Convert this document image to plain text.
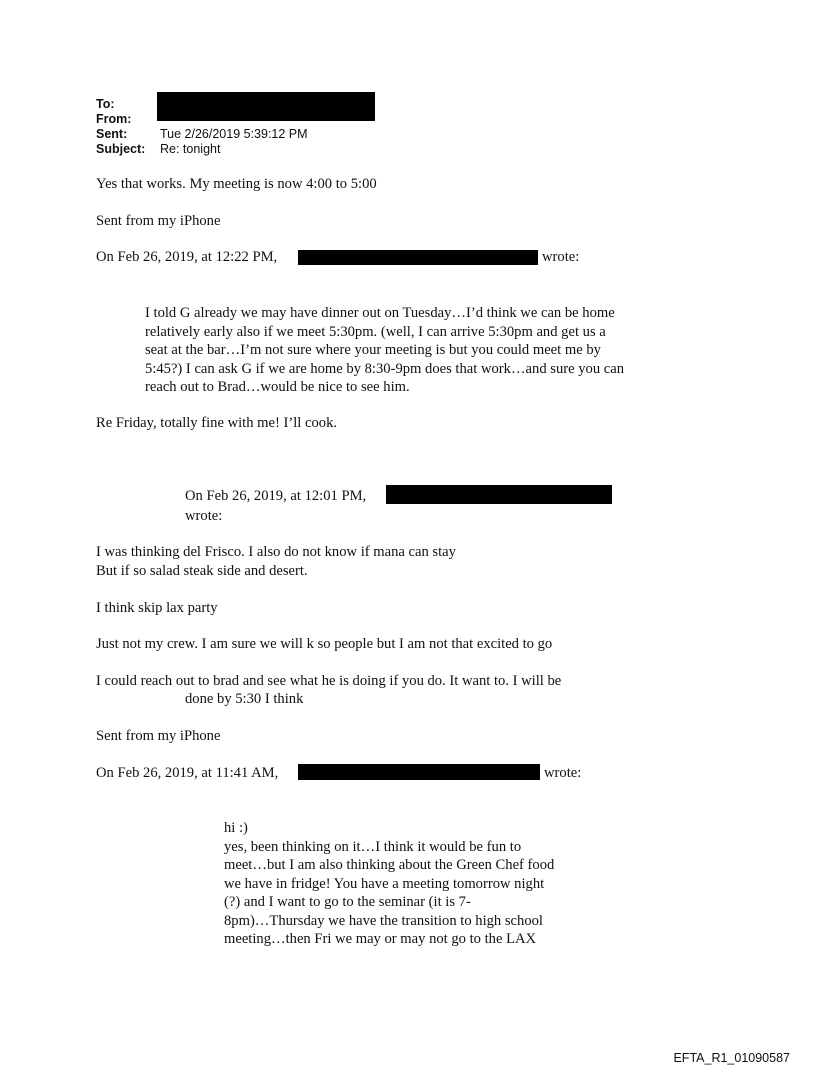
To:
From:
Sent:	Tue 2/26/2019 5:39:12 PM
Subject: Re: tonight
Yes that works. My meeting is now 4:00 to 5:00
Sent from my iPhone
On Feb 26, 2019, at 12:22 PM,	wrote:
I told G already we may have dinner out on Tuesday…I’d think we can be home
relatively early also if we meet 5:30pm. (well, I can arrive 5:30pm and get us a
seat at the bar…I’m not sure where your meeting is but you could meet me by
5:45?) I can ask G if we are home by 8:30-9pm does that work…and sure you can
reach out to Brad…would be nice to see him.
Re Friday, totally fine with me! I’ll cook.
On Feb 26, 2019, at 12:01 PM,
wrote:
I was thinking del Frisco. I also do not know if mana can stay
But if so salad steak side and desert.
I think skip lax party
Just not my crew. I am sure we will k so people but I am not that excited to go
I could reach out to brad and see what he is doing if you do. It want to. I will be
done by 5:30 I think
Sent from my iPhone
On Feb 26, 2019, at 11:41 AM,	wrote:
hi :)
yes, been thinking on it…I think it would be fun to
meet…but I am also thinking about the Green Chef food
we have in fridge! You have a meeting tomorrow night
(?) and I want to go to the seminar (it is 7-
8pm)…Thursday we have the transition to high school
meeting…then Fri we may or may not go to the LAX
EFTA_R1_01090587
